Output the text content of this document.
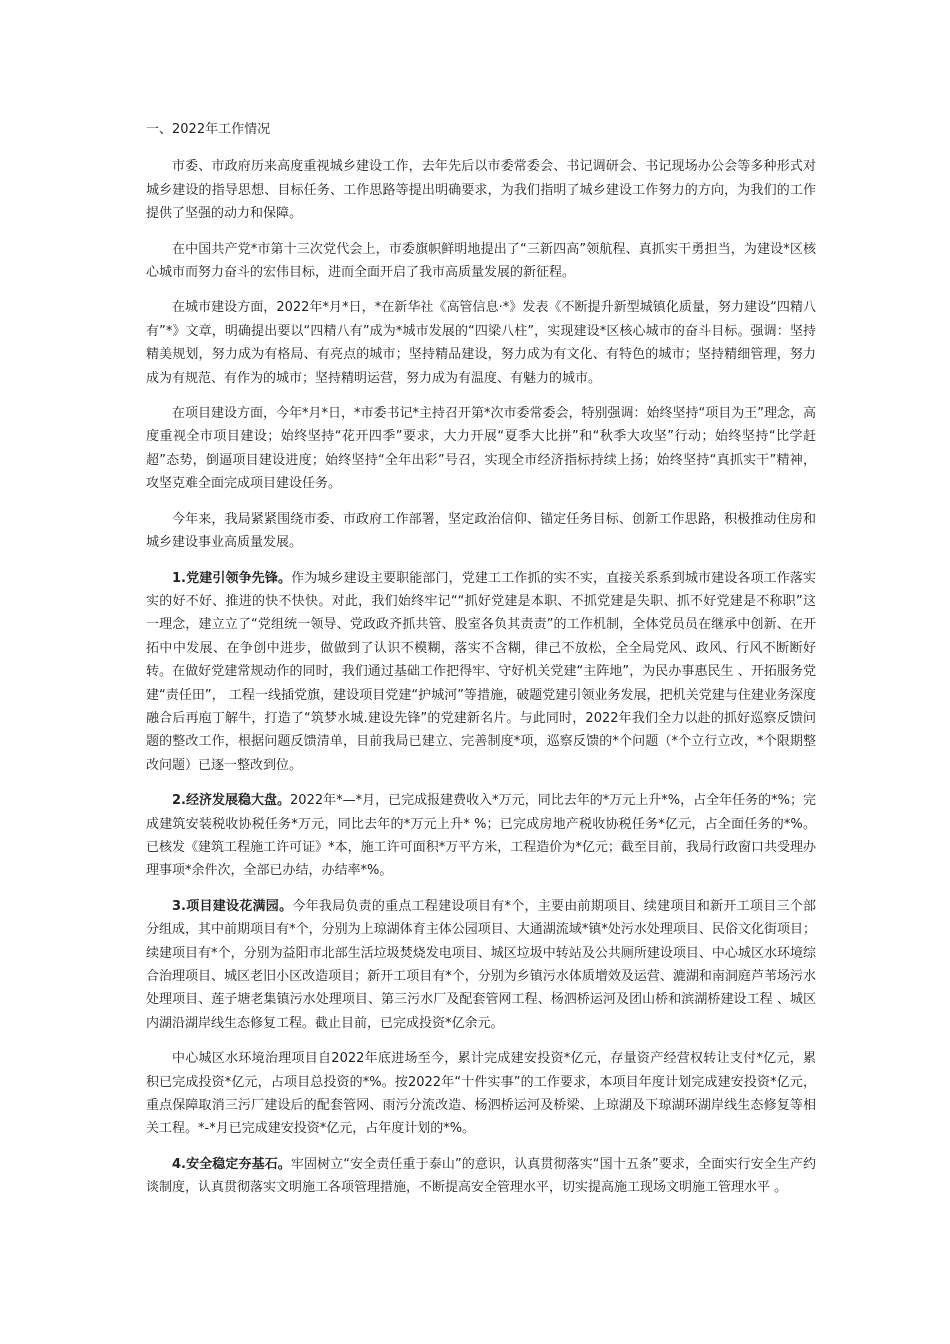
一、2022年工作情况

市委、市政府历来高度重视城乡建设工作，去年先后以市委常委会、书记调研会、书记现场办公会等多种形式对城乡建设的指导思想、目标任务、工作思路等提出明确要求，为我们指明了城乡建设工作努力的方向，为我们的工作提供了坚强的动力和保障。

在中国共产党*市第十三次党代会上，市委旗帜鲜明地提出了“三新四高”领航程、真抓实干勇担当，为建设*区核心城市而努力奋斗的宏伟目标，进而全面开启了我市高质量发展的新征程。

在城市建设方面，2022年*月*日，*在新华社《高管信息·*》发表《不断提升新型城镇化质量，努力建设“四精八有”*》文章，明确提出要以“四精八有”成为*城市发展的“四梁八柱”，实现建设*区核心城市的奋斗目标。强调：坚持精美规划，努力成为有格局、有亮点的城市；坚持精品建设，努力成为有文化、有特色的城市；坚持精细管理，努力成为有规范、有作为的城市；坚持精明运营，努力成为有温度、有魅力的城市。

在项目建设方面，今年*月*日，*市委书记*主持召开第*次市委常委会，特别强调：始终坚持“项目为王”理念，高度重视全市项目建设；始终坚持“花开四季”要求，大力开展“夏季大比拼”和“秋季大攻坚”行动；始终坚持“比学赶超”态势，倒逼项目建设进度；始终坚持“全年出彩”号召，实现全市经济指标持续上扬；始终坚持“真抓实干”精神，攻坚克难全面完成项目建设任务。

今年来，我局紧紧围绕市委、市政府工作部署，坚定政治信仰、锚定任务目标、创新工作思路，积极推动住房和城乡建设事业高质量发展。

1.党建引领争先锋。作为城乡建设主要职能部门，党建工工作抓的实不实，直接关系系到城市建设各项工作落实实的好不好、推进的快不快快。对此，我们始终牢记““抓好党建是本职、不抓党建是失职、抓不好党建是不称职”这一理念，建立立了“党组统一领导、党政政齐抓共管、股室各负其责责”的工作机制，全体党员员在继承中创新、在开拓中中发展、在争创中进步，做做到了认识不模糊，落实不含糊，律己不放松，全全局党风、政风、行风不断断好转。在做好党建常规动作的同时，我们通过基础工作把得牢、守好机关党建“主阵地”，为民办事惠民生 、开拓服务党建“责任田”， 工程一线插党旗，建设项目党建“护城河”等措施，破题党建引领业务发展，把机关党建与住建业务深度融合后再庖丁解牛，打造了“筑梦水城.建设先锋”的党建新名片。与此同时，2022年我们全力以赴的抓好巡察反馈问题的整改工作，根据问题反馈清单，目前我局已建立、完善制度*项，巡察反馈的*个问题（*个立行立改，*个限期整改问题）已逐一整改到位。

2.经济发展稳大盘。2022年*—*月，已完成报建费收入*万元，同比去年的*万元上升*%，占全年任务的*%；完成建筑安装税收协税任务*万元，同比去年的*万元上升* %；已完成房地产税收协税任务*亿元，占全面任务的*%。已核发《建筑工程施工许可证》*本，施工许可面积*万平方米，工程造价为*亿元；截至目前，我局行政窗口共受理办理事项*余件次，全部已办结，办结率*%。

3.项目建设花满园。今年我局负责的重点工程建设项目有*个，主要由前期项目、续建项目和新开工项目三个部分组成，其中前期项目有*个，分别为上琼湖体育主体公园项目、大通湖流域*镇*处污水处理项目、民俗文化街项目；续建项目有*个，分别为益阳市北部生活垃圾焚烧发电项目、城区垃圾中转站及公共厕所建设项目、中心城区水环境综合治理项目、城区老旧小区改造项目；新开工项目有*个，分别为乡镇污水体质增效及运营、漉湖和南洞庭芦苇场污水处理项目、莲子塘老集镇污水处理项目、第三污水厂及配套管网工程、杨泗桥运河及团山桥和滨湖桥建设工程 、城区内湖沿湖岸线生态修复工程。截止目前，已完成投资*亿余元。

中心城区水环境治理项目自2022年底进场至今，累计完成建安投资*亿元，存量资产经营权转让支付*亿元，累积已完成投资*亿元，占项目总投资的*%。按2022年“十件实事”的工作要求，本项目年度计划完成建安投资*亿元，重点保障取消三污厂建设后的配套管网、雨污分流改造、杨泗桥运河及桥梁、上琼湖及下琼湖环湖岸线生态修复等相关工程。*-*月已完成建安投资*亿元，占年度计划的*%。

4.安全稳定夯基石。牢固树立“安全责任重于泰山”的意识，认真贯彻落实“国十五条”要求，全面实行安全生产约谈制度，认真贯彻落实文明施工各项管理措施，不断提高安全管理水平，切实提高施工现场文明施工管理水平 。
